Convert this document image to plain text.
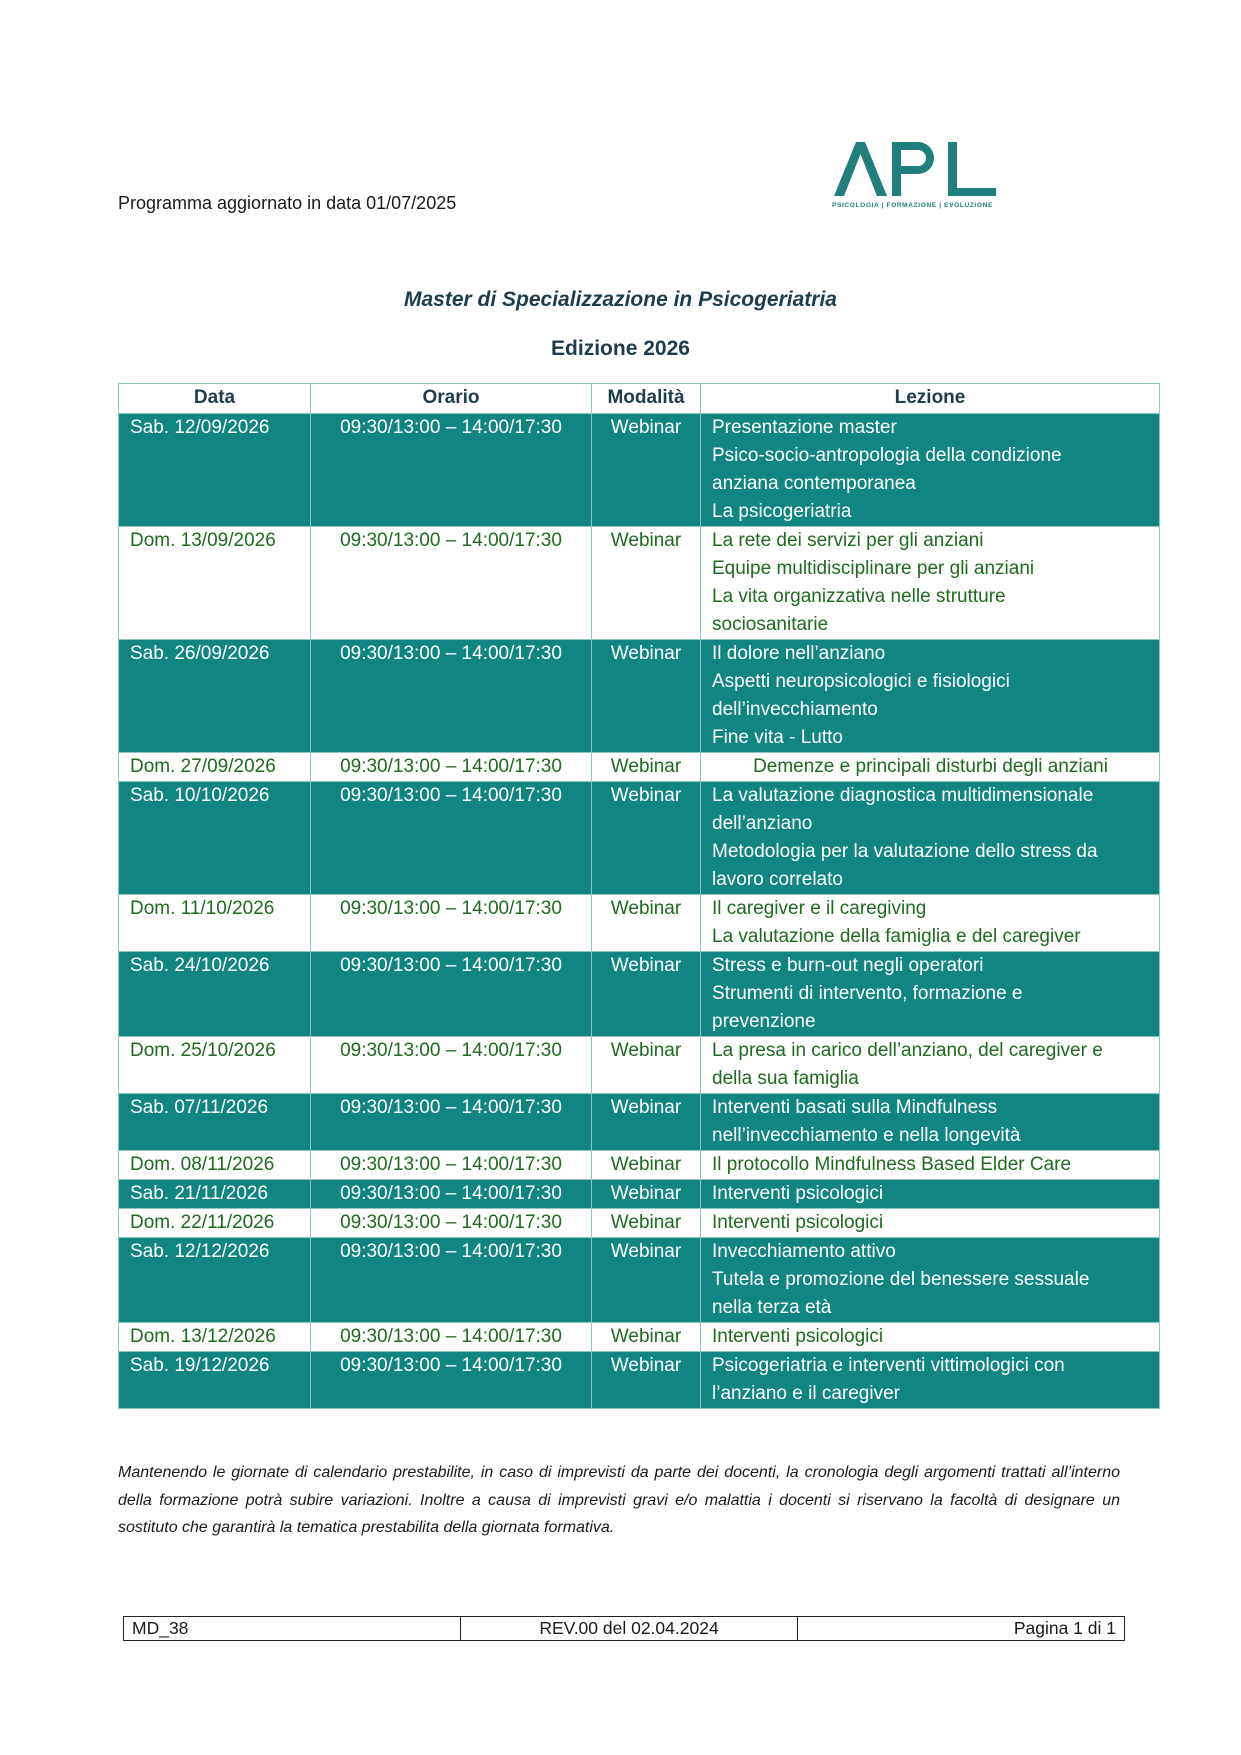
Programma aggiornato in data 01/07/2025	PSICOLOGIA | FORMAZIONE | EVOLUZIONE
Master di Specializzazione in Psicogeriatria
Edizione 2026
Data	Orario	Modalità	Lezione
Sab. 12/09/2026	09:30/13:00 – 14:00/17:30	Webinar	Presentazione master
Psico-socio-antropologia della condizione
anziana contemporanea
La psicogeriatria

Dom. 13/09/2026	09:30/13:00 – 14:00/17:30	Webinar	La rete dei servizi per gli anziani
Equipe multidisciplinare per gli anziani
La vita organizzativa nelle strutture
sociosanitarie

Sab. 26/09/2026	09:30/13:00 – 14:00/17:30	Webinar	Il dolore nell’anziano
Aspetti neuropsicologici e fisiologici
dell’invecchiamento
Fine vita - Lutto

Dom. 27/09/2026	09:30/13:00 – 14:00/17:30	Webinar	Demenze e principali disturbi degli anziani

Sab. 10/10/2026	09:30/13:00 – 14:00/17:30	Webinar	La valutazione diagnostica multidimensionale
dell’anziano
Metodologia per la valutazione dello stress da
lavoro correlato

Dom. 11/10/2026	09:30/13:00 – 14:00/17:30	Webinar	Il caregiver e il caregiving
La valutazione della famiglia e del caregiver

Sab. 24/10/2026	09:30/13:00 – 14:00/17:30	Webinar	Stress e burn-out negli operatori
Strumenti di intervento, formazione e
prevenzione

Dom. 25/10/2026	09:30/13:00 – 14:00/17:30	Webinar	La presa in carico dell’anziano, del caregiver e
della sua famiglia

Sab. 07/11/2026	09:30/13:00 – 14:00/17:30	Webinar	Interventi basati sulla Mindfulness
nell’invecchiamento e nella longevità

Dom. 08/11/2026	09:30/13:00 – 14:00/17:30	Webinar	Il protocollo Mindfulness Based Elder Care

Sab. 21/11/2026	09:30/13:00 – 14:00/17:30	Webinar	Interventi psicologici

Dom. 22/11/2026	09:30/13:00 – 14:00/17:30	Webinar	Interventi psicologici

Sab. 12/12/2026	09:30/13:00 – 14:00/17:30	Webinar	Invecchiamento attivo
Tutela e promozione del benessere sessuale
nella terza età

Dom. 13/12/2026	09:30/13:00 – 14:00/17:30	Webinar	Interventi psicologici

Sab. 19/12/2026	09:30/13:00 – 14:00/17:30	Webinar	Psicogeriatria e interventi vittimologici con
l’anziano e il caregiver
Mantenendo le giornate di calendario prestabilite, in caso di imprevisti da parte dei docenti, la cronologia degli argomenti trattati all’interno della formazione potrà subire variazioni. Inoltre a causa di imprevisti gravi e/o malattia i docenti si riservano la facoltà di designare un sostituto che garantirà la tematica prestabilita della giornata formativa.
MD_38	REV.00 del 02.04.2024	Pagina 1 di 1
